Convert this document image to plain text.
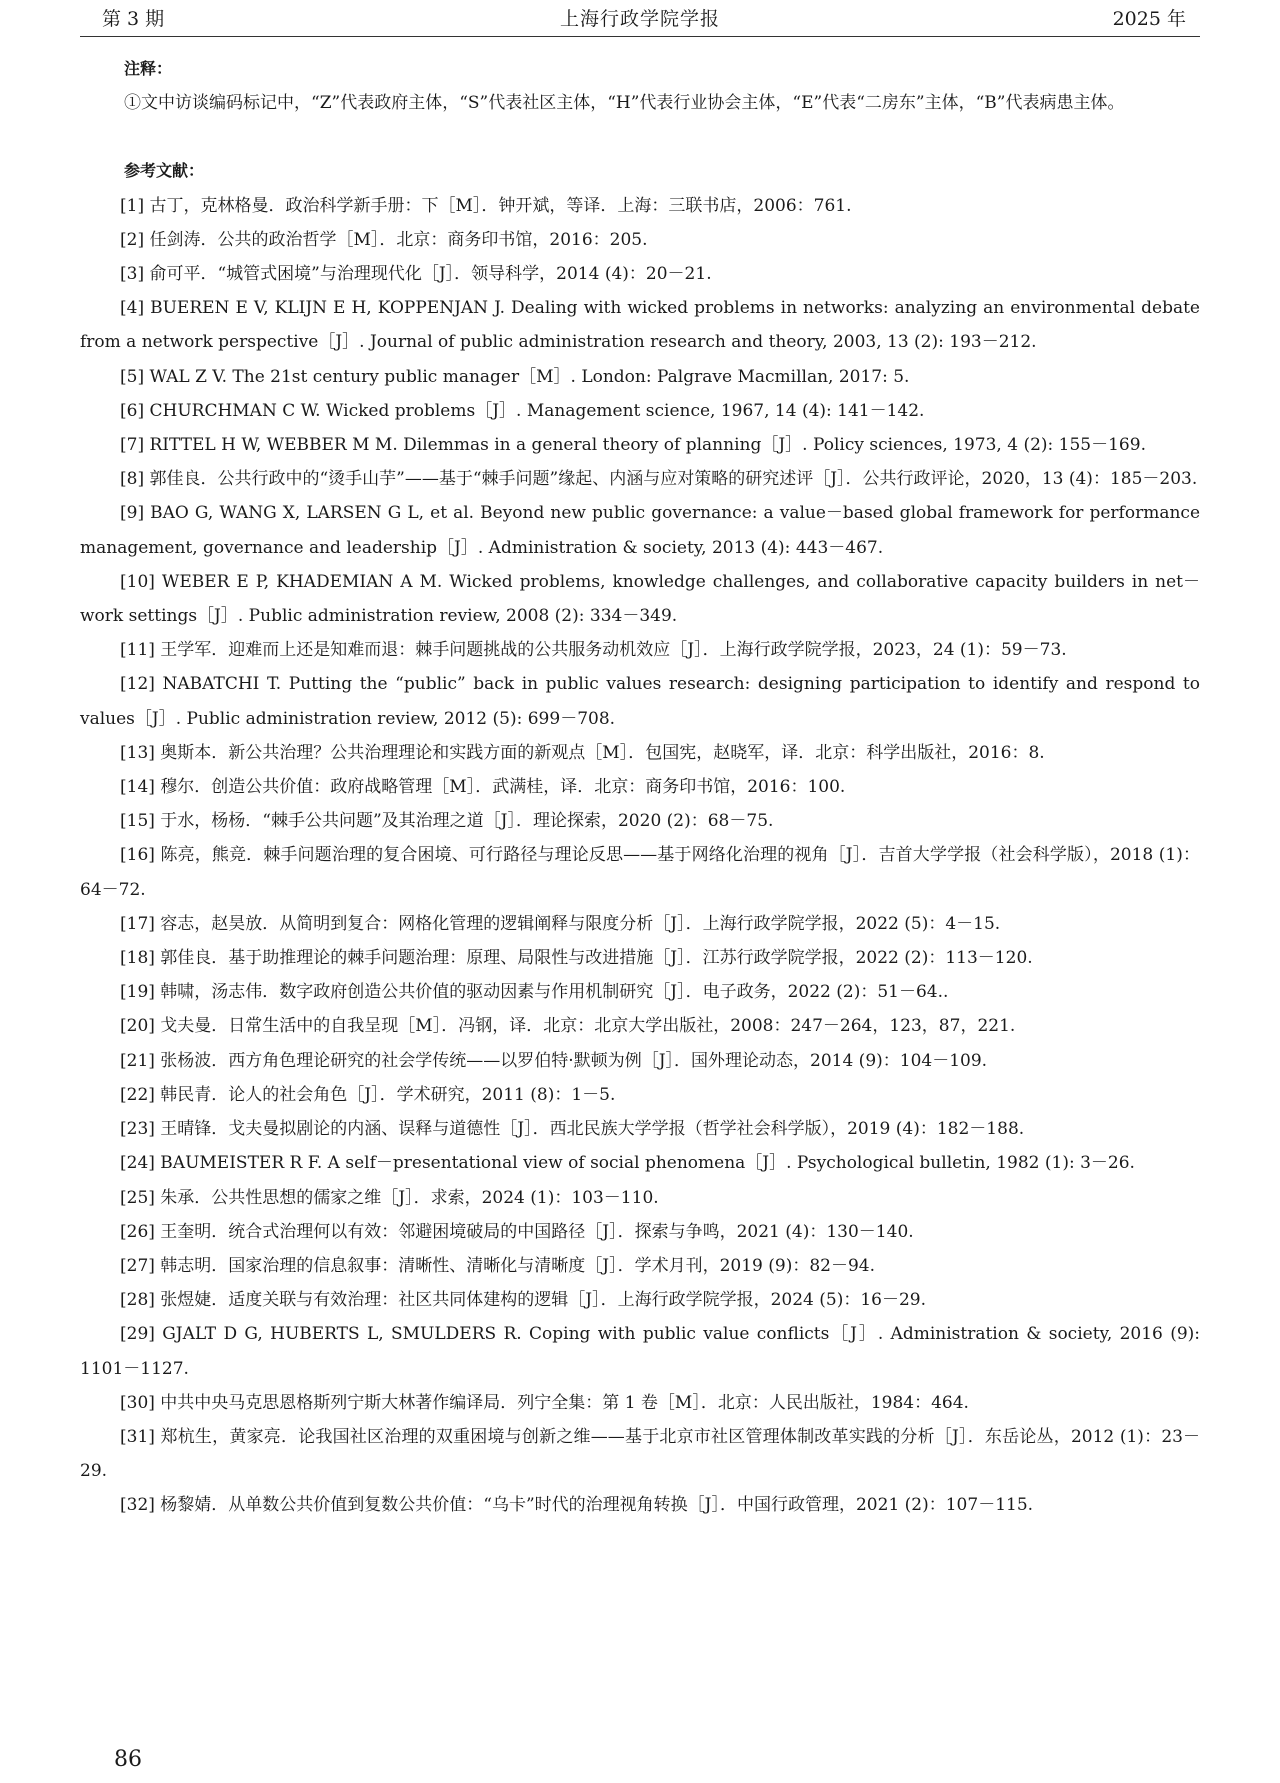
第 3 期	上海行政学院学报	2025 年

注释：

①文中访谈编码标记中，“Z”代表政府主体，“S”代表社区主体，“H”代表行业协会主体，“E”代表“二房东”主体，“B”代表病患主体。

参考文献：

[1] 古丁，克林格曼．政治科学新手册：下［M］．钟开斌，等译．上海：三联书店，2006：761.

[2] 任剑涛．公共的政治哲学［M］．北京：商务印书馆，2016：205.

[3] 俞可平．“城管式困境”与治理现代化［J］．领导科学，2014 (4)：20－21.

[4] BUEREN E V, KLIJN E H, KOPPENJAN J. Dealing with wicked problems in networks: analyzing an environmental debate from a network perspective［J］. Journal of public administration research and theory, 2003, 13 (2): 193－212.

[5] WAL Z V. The 21st century public manager［M］. London: Palgrave Macmillan, 2017: 5.

[6] CHURCHMAN C W. Wicked problems［J］. Management science, 1967, 14 (4): 141－142.

[7] RITTEL H W, WEBBER M M. Dilemmas in a general theory of planning［J］. Policy sciences, 1973, 4 (2): 155－169.

[8] 郭佳良．公共行政中的“烫手山芋”——基于“棘手问题”缘起、内涵与应对策略的研究述评［J］．公共行政评论，2020，13 (4)：185－203.

[9] BAO G, WANG X, LARSEN G L, et al. Beyond new public governance: a value－based global framework for performance management, governance and leadership［J］. Administration & society, 2013 (4): 443－467.

[10] WEBER E P, KHADEMIAN A M. Wicked problems, knowledge challenges, and collaborative capacity builders in net－work settings［J］. Public administration review, 2008 (2): 334－349.

[11] 王学军．迎难而上还是知难而退：棘手问题挑战的公共服务动机效应［J］．上海行政学院学报，2023，24 (1)：59－73.

[12] NABATCHI T. Putting the “public” back in public values research: designing participation to identify and respond to values［J］. Public administration review, 2012 (5): 699－708.

[13] 奥斯本．新公共治理？公共治理理论和实践方面的新观点［M］．包国宪，赵晓军，译．北京：科学出版社，2016：8.

[14] 穆尔．创造公共价值：政府战略管理［M］．武满桂，译．北京：商务印书馆，2016：100.

[15] 于水，杨杨．“棘手公共问题”及其治理之道［J］．理论探索，2020 (2)：68－75.

[16] 陈亮，熊竞．棘手问题治理的复合困境、可行路径与理论反思——基于网络化治理的视角［J］．吉首大学学报（社会科学版），2018 (1)：64－72.

[17] 容志，赵昊放．从简明到复合：网格化管理的逻辑阐释与限度分析［J］．上海行政学院学报，2022 (5)：4－15.

[18] 郭佳良．基于助推理论的棘手问题治理：原理、局限性与改进措施［J］．江苏行政学院学报，2022 (2)：113－120.

[19] 韩啸，汤志伟．数字政府创造公共价值的驱动因素与作用机制研究［J］．电子政务，2022 (2)：51－64..

[20] 戈夫曼．日常生活中的自我呈现［M］．冯钢，译．北京：北京大学出版社，2008：247－264，123，87，221.

[21] 张杨波．西方角色理论研究的社会学传统——以罗伯特·默顿为例［J］．国外理论动态，2014 (9)：104－109.

[22] 韩民青．论人的社会角色［J］．学术研究，2011 (8)：1－5.

[23] 王晴锋．戈夫曼拟剧论的内涵、误释与道德性［J］．西北民族大学学报（哲学社会科学版），2019 (4)：182－188.

[24] BAUMEISTER R F. A self－presentational view of social phenomena［J］. Psychological bulletin, 1982 (1): 3－26.

[25] 朱承．公共性思想的儒家之维［J］．求索，2024 (1)：103－110.

[26] 王奎明．统合式治理何以有效：邻避困境破局的中国路径［J］．探索与争鸣，2021 (4)：130－140.

[27] 韩志明．国家治理的信息叙事：清晰性、清晰化与清晰度［J］．学术月刊，2019 (9)：82－94.

[28] 张煜婕．适度关联与有效治理：社区共同体建构的逻辑［J］．上海行政学院学报，2024 (5)：16－29.

[29] GJALT D G, HUBERTS L, SMULDERS R. Coping with public value conflicts［J］. Administration & society, 2016 (9): 1101－1127.

[30] 中共中央马克思恩格斯列宁斯大林著作编译局．列宁全集：第 1 卷［M］．北京：人民出版社，1984：464.

[31] 郑杭生，黄家亮．论我国社区治理的双重困境与创新之维——基于北京市社区管理体制改革实践的分析［J］．东岳论丛，2012 (1)：23－29.

[32] 杨黎婧．从单数公共价值到复数公共价值：“乌卡”时代的治理视角转换［J］．中国行政管理，2021 (2)：107－115.

86
